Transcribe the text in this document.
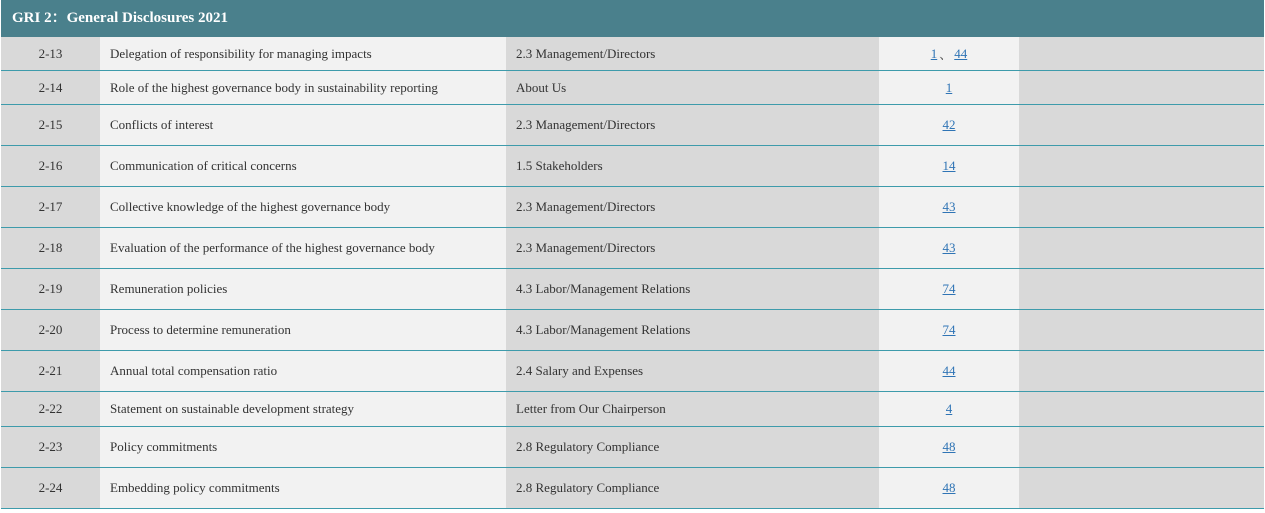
GRI 2：General Disclosures 2021
2-13	Delegation of responsibility for managing impacts	2.3 Management/Directors	1 、 44
2-14	Role of the highest governance body in sustainability reporting	About Us	1
2-15	Conflicts of interest	2.3 Management/Directors	42
2-16	Communication of critical concerns	1.5 Stakeholders	14
2-17	Collective knowledge of the highest governance body	2.3 Management/Directors	43
2-18	Evaluation of the performance of the highest governance body	2.3 Management/Directors	43
2-19	Remuneration policies	4.3 Labor/Management Relations	74
2-20	Process to determine remuneration	4.3 Labor/Management Relations	74
2-21	Annual total compensation ratio	2.4 Salary and Expenses	44
2-22	Statement on sustainable development strategy	Letter from Our Chairperson	4
2-23	Policy commitments	2.8 Regulatory Compliance	48
2-24	Embedding policy commitments	2.8 Regulatory Compliance	48
